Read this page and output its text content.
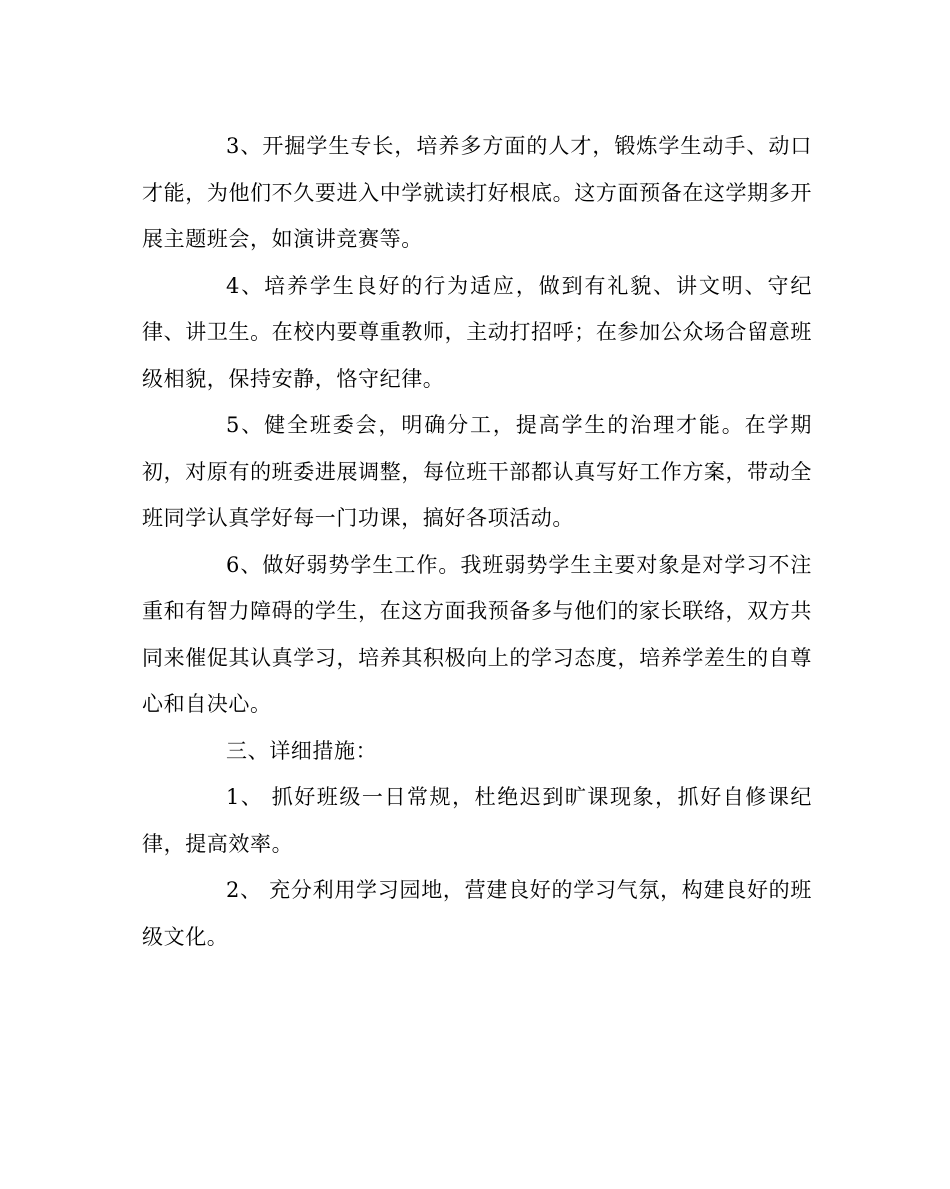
3、开掘学生专长，培养多方面的人才，锻炼学生动手、动口才能，为他们不久要进入中学就读打好根底。这方面预备在这学期多开展主题班会，如演讲竞赛等。

4、培养学生良好的行为适应，做到有礼貌、讲文明、守纪律、讲卫生。在校内要尊重教师，主动打招呼；在参加公众场合留意班级相貌，保持安静，恪守纪律。

5、健全班委会，明确分工，提高学生的治理才能。在学期初，对原有的班委进展调整，每位班干部都认真写好工作方案，带动全班同学认真学好每一门功课，搞好各项活动。

6、做好弱势学生工作。我班弱势学生主要对象是对学习不注重和有智力障碍的学生，在这方面我预备多与他们的家长联络，双方共同来催促其认真学习，培养其积极向上的学习态度，培养学差生的自尊心和自决心。

三、详细措施：

1、 抓好班级一日常规，杜绝迟到旷课现象，抓好自修课纪律，提高效率。

2、 充分利用学习园地，营建良好的学习气氛，构建良好的班级文化。
